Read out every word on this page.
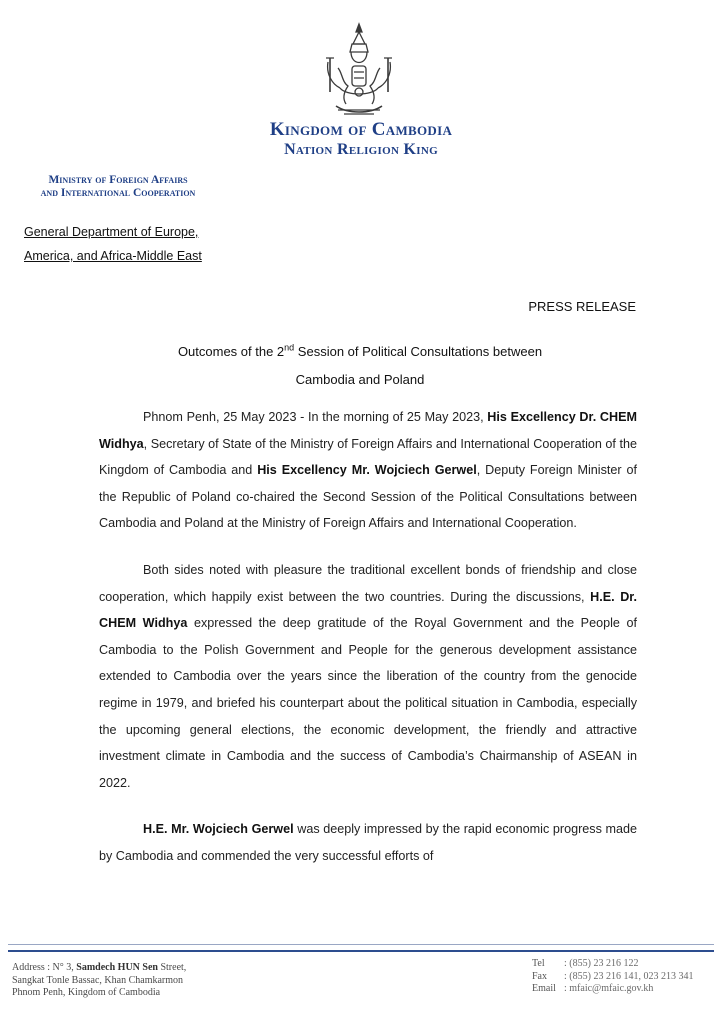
Kingdom of Cambodia
Nation Religion King
Ministry of Foreign Affairs
and International Cooperation
General Department of Europe,
America, and Africa-Middle East
PRESS RELEASE
Outcomes of the 2nd Session of Political Consultations between
Cambodia and Poland

Phnom Penh, 25 May 2023 - In the morning of 25 May 2023, His Excellency Dr. CHEM Widhya, Secretary of State of the Ministry of Foreign Affairs and International Cooperation of the Kingdom of Cambodia and His Excellency Mr. Wojciech Gerwel, Deputy Foreign Minister of the Republic of Poland co-chaired the Second Session of the Political Consultations between Cambodia and Poland at the Ministry of Foreign Affairs and International Cooperation.

Both sides noted with pleasure the traditional excellent bonds of friendship and close cooperation, which happily exist between the two countries. During the discussions, H.E. Dr. CHEM Widhya expressed the deep gratitude of the Royal Government and the People of Cambodia to the Polish Government and People for the generous development assistance extended to Cambodia over the years since the liberation of the country from the genocide regime in 1979, and briefed his counterpart about the political situation in Cambodia, especially the upcoming general elections, the economic development, the friendly and attractive investment climate in Cambodia and the success of Cambodia’s Chairmanship of ASEAN in 2022.

H.E. Mr. Wojciech Gerwel was deeply impressed by the rapid economic progress made by Cambodia and commended the very successful efforts of

Address : N° 3, Samdech HUN Sen Street,
Sangkat Tonle Bassac, Khan Chamkarmon
Phnom Penh, Kingdom of Cambodia
Tel	: (855) 23 216 122
Fax	: (855) 23 216 141, 023 213 341
Email : mfaic@mfaic.gov.kh
